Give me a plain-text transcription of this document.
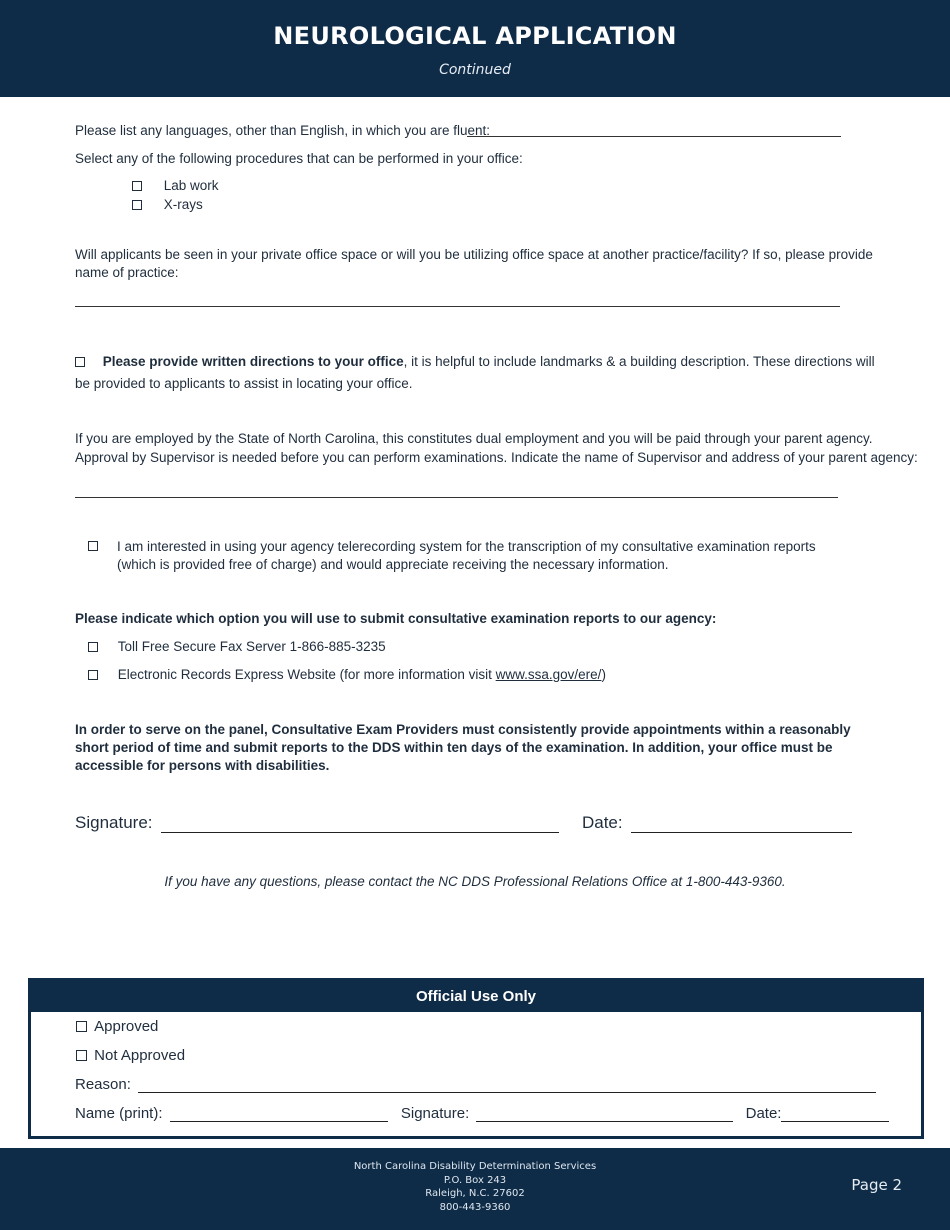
NEUROLOGICAL APPLICATION
Continued
Please list any languages, other than English, in which you are fluent:
Select any of the following procedures that can be performed in your office:
Lab work
X-rays
Will applicants be seen in your private office space or will you be utilizing office space at another practice/facility? If so, please provide name of practice:
Please provide written directions to your office, it is helpful to include landmarks & a building description. These directions will be provided to applicants to assist in locating your office.
If you are employed by the State of North Carolina, this constitutes dual employment and you will be paid through your parent agency.
Approval by Supervisor is needed before you can perform examinations. Indicate the name of Supervisor and address of your parent agency:
I am interested in using your agency telerecording system for the transcription of my consultative examination reports (which is provided free of charge) and would appreciate receiving the necessary information.
Please indicate which option you will use to submit consultative examination reports to our agency:
Toll Free Secure Fax Server 1-866-885-3235
Electronic Records Express Website (for more information visit www.ssa.gov/ere/)
In order to serve on the panel, Consultative Exam Providers must consistently provide appointments within a reasonably short period of time and submit reports to the DDS within ten days of the examination. In addition, your office must be accessible for persons with disabilities.
Signature:	Date:
If you have any questions, please contact the NC DDS Professional Relations Office at 1-800-443-9360.
Official Use Only
Approved
Not Approved
Reason:
Name (print):	Signature:	Date:
North Carolina Disability Determination Services
P.O. Box 243
Raleigh, N.C. 27602
800-443-9360
Page 2
